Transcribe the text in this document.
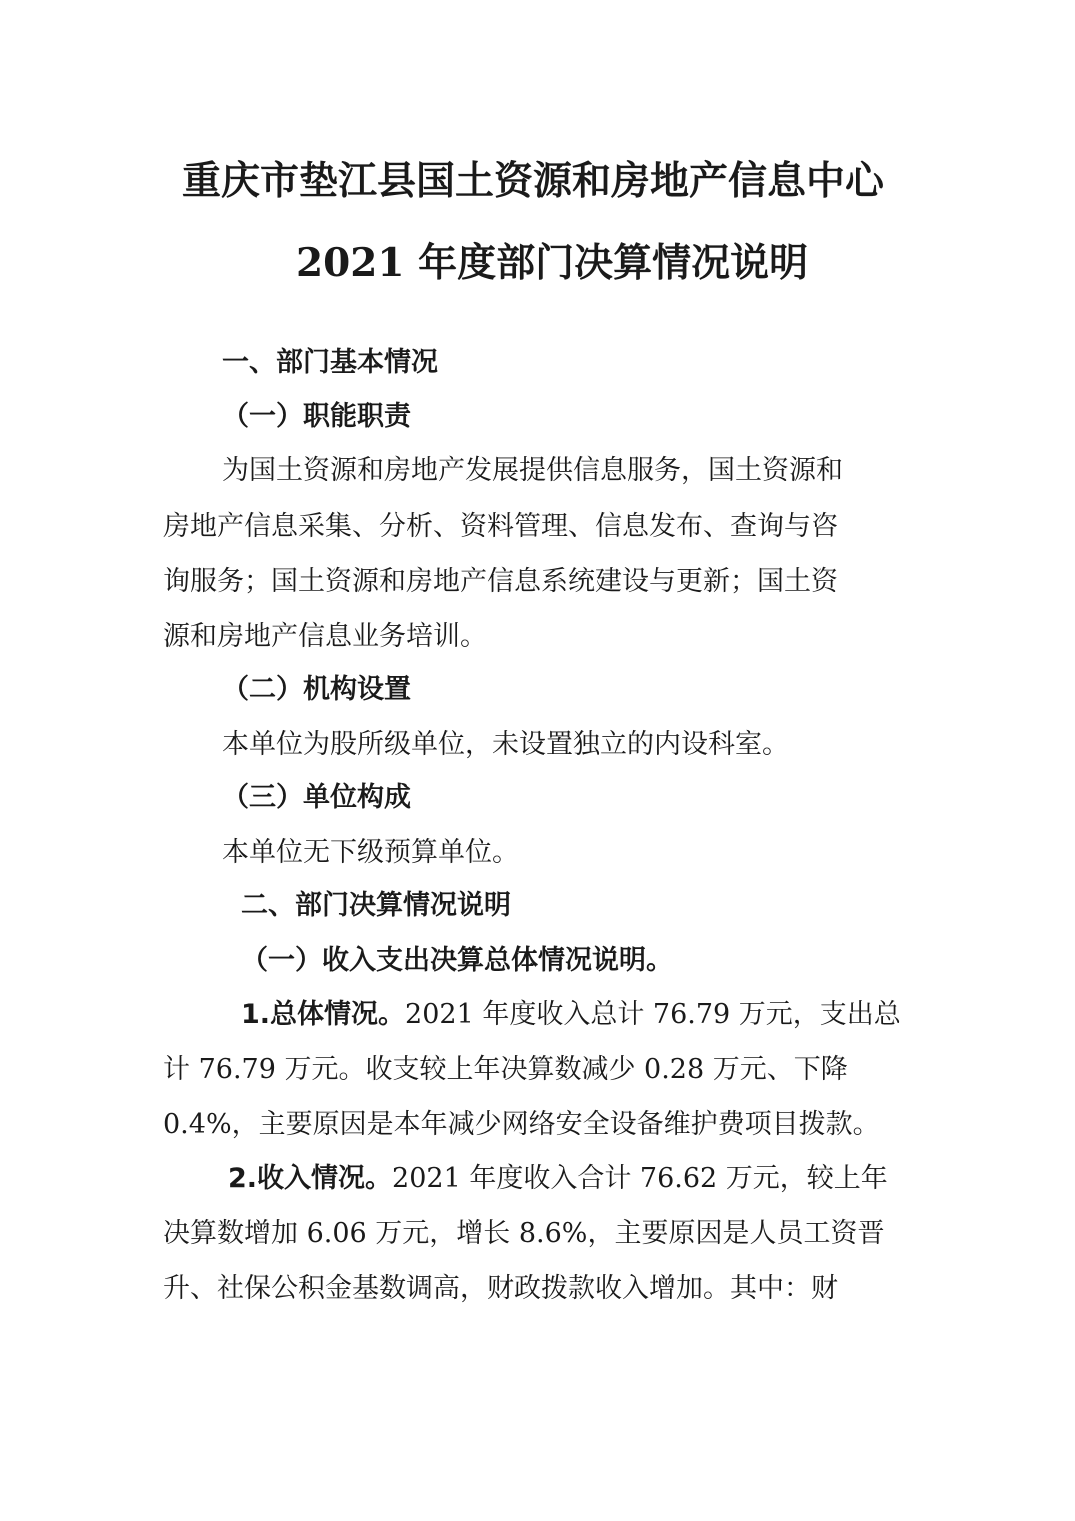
重庆市垫江县国土资源和房地产信息中心
2021 年度部门决算情况说明
一、部门基本情况
（一）职能职责
为国土资源和房地产发展提供信息服务，国土资源和
房地产信息采集、分析、资料管理、信息发布、查询与咨
询服务；国土资源和房地产信息系统建设与更新；国土资
源和房地产信息业务培训。
（二）机构设置
本单位为股所级单位，未设置独立的内设科室。
（三）单位构成
本单位无下级预算单位。
二、部门决算情况说明
（一）收入支出决算总体情况说明。
1.总体情况。2021 年度收入总计 76.79 万元，支出总
计 76.79 万元。收支较上年决算数减少 0.28 万元、下降
0.4%，主要原因是本年减少网络安全设备维护费项目拨款。
2.收入情况。2021 年度收入合计 76.62 万元，较上年
决算数增加 6.06 万元，增长 8.6%，主要原因是人员工资晋
升、社保公积金基数调高，财政拨款收入增加。其中：财
